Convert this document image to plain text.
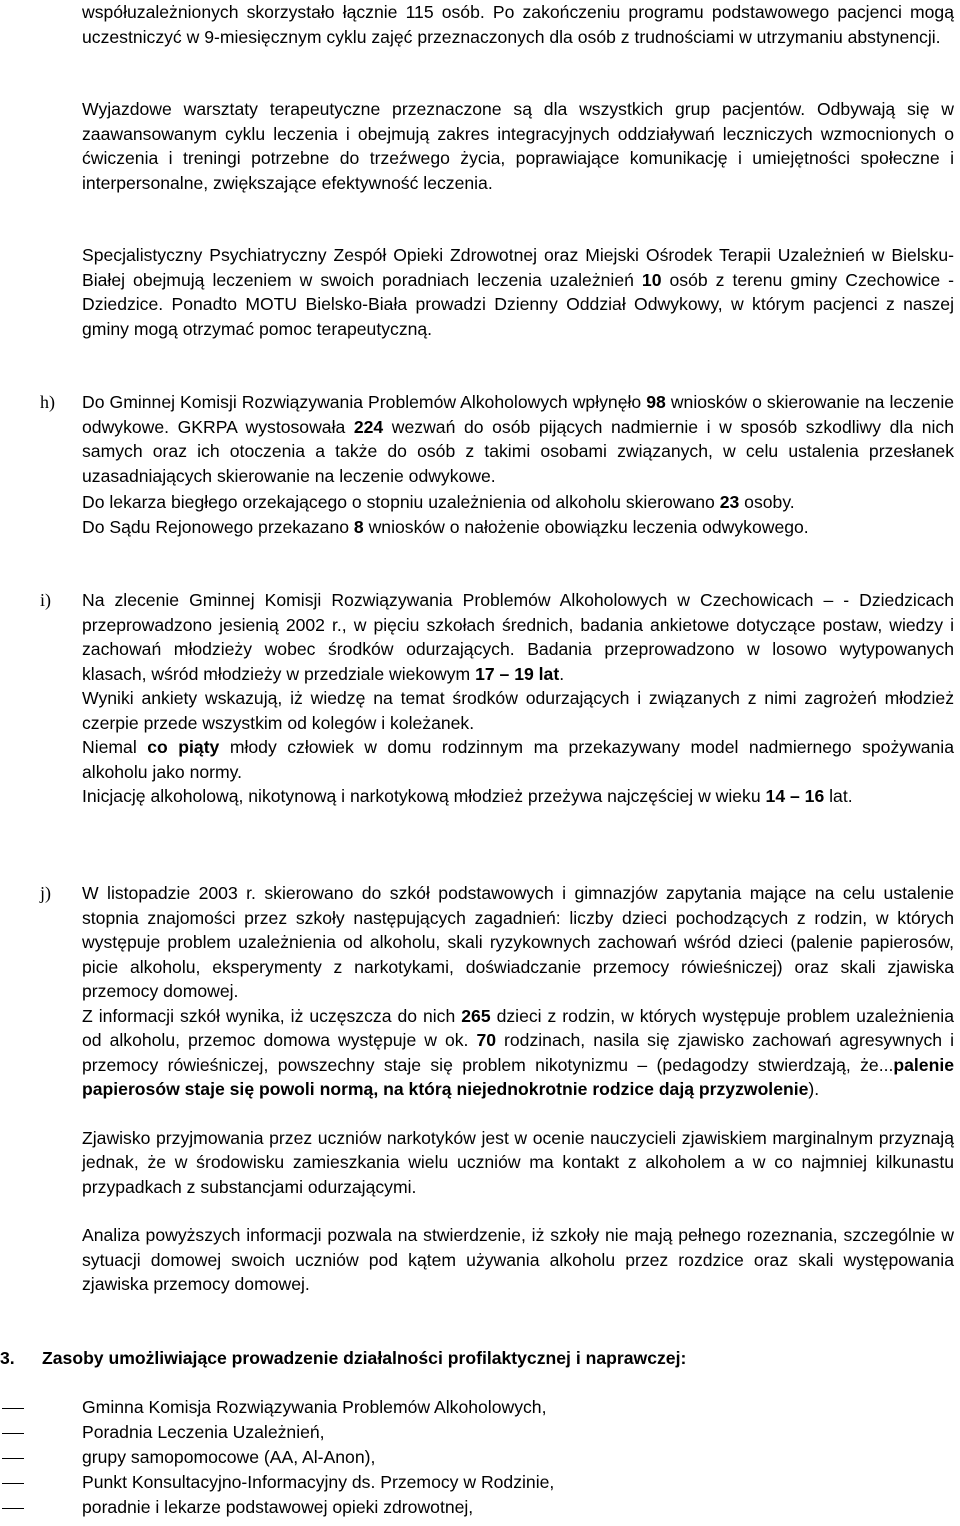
współuzależnionych skorzystało łącznie 115 osób. Po zakończeniu programu podstawowego pacjenci mogą uczestniczyć w 9-miesięcznym cyklu zajęć przeznaczonych dla osób z trudnościami w utrzymaniu abstynencji.

Wyjazdowe warsztaty terapeutyczne przeznaczone są dla wszystkich grup pacjentów. Odbywają się w zaawansowanym cyklu leczenia i obejmują zakres integracyjnych oddziaływań leczniczych wzmocnionych o ćwiczenia i treningi potrzebne do trzeźwego życia, poprawiające komunikację i umiejętności społeczne i interpersonalne, zwiększające efektywność leczenia.

Specjalistyczny Psychiatryczny Zespół Opieki Zdrowotnej oraz Miejski Ośrodek Terapii Uzależnień w Bielsku-Białej obejmują leczeniem w swoich poradniach leczenia uzależnień 10 osób z terenu gminy Czechowice - Dziedzice. Ponadto MOTU Bielsko-Biała prowadzi Dzienny Oddział Odwykowy, w którym pacjenci z naszej gminy mogą otrzymać pomoc terapeutyczną.

h)	Do Gminnej Komisji Rozwiązywania Problemów Alkoholowych wpłynęło 98 wniosków o skierowanie na leczenie odwykowe. GKRPA wystosowała 224 wezwań do osób pijących nadmiernie i w sposób szkodliwy dla nich samych oraz ich otoczenia a także do osób z takimi osobami związanych, w celu ustalenia przesłanek uzasadniających skierowanie na leczenie odwykowe.

Do lekarza biegłego orzekającego o stopniu uzależnienia od alkoholu skierowano 23 osoby.

Do Sądu Rejonowego przekazano 8 wniosków o nałożenie obowiązku leczenia odwykowego.

i)	Na zlecenie Gminnej Komisji Rozwiązywania Problemów Alkoholowych w Czechowicach – - Dziedzicach przeprowadzono jesienią 2002 r., w pięciu szkołach średnich, badania ankietowe dotyczące postaw, wiedzy i zachowań młodzieży wobec środków odurzających. Badania przeprowadzono w losowo wytypowanych klasach, wśród młodzieży w przedziale wiekowym 17 – 19 lat.

Wyniki ankiety wskazują, iż wiedzę na temat środków odurzających i związanych z nimi zagrożeń młodzież czerpie przede wszystkim od kolegów i koleżanek.

Niemal co piąty młody człowiek w domu rodzinnym ma przekazywany model nadmiernego spożywania alkoholu jako normy.

Inicjację alkoholową, nikotynową i narkotykową młodzież przeżywa najczęściej w wieku 14 – 16 lat.

j)	W listopadzie 2003 r. skierowano do szkół podstawowych i gimnazjów zapytania mające na celu ustalenie stopnia znajomości przez szkoły następujących zagadnień: liczby dzieci pochodzących z rodzin, w których występuje problem uzależnienia od alkoholu, skali ryzykownych zachowań wśród dzieci (palenie papierosów, picie alkoholu, eksperymenty z narkotykami, doświadczanie przemocy rówieśniczej) oraz skali zjawiska przemocy domowej.

Z informacji szkół wynika, iż uczęszcza do nich 265 dzieci z rodzin, w których występuje problem uzależnienia od alkoholu, przemoc domowa występuje w ok. 70 rodzinach, nasila się zjawisko zachowań agresywnych i przemocy rówieśniczej, powszechny staje się problem nikotynizmu – (pedagodzy stwierdzają, że...palenie papierosów staje się powoli normą, na którą niejednokrotnie rodzice dają przyzwolenie).

Zjawisko przyjmowania przez uczniów narkotyków jest w ocenie nauczycieli zjawiskiem marginalnym przyznają jednak, że w środowisku zamieszkania wielu uczniów ma kontakt z alkoholem a w co najmniej kilkunastu przypadkach z substancjami odurzającymi.

Analiza powyższych informacji pozwala na stwierdzenie, iż szkoły nie mają pełnego rozeznania, szczególnie w sytuacji domowej swoich uczniów pod kątem używania alkoholu przez rozdzice oraz skali występowania zjawiska przemocy domowej.

3. Zasoby umożliwiające prowadzenie działalności profilaktycznej i naprawczej:
Gminna Komisja Rozwiązywania Problemów Alkoholowych,
Poradnia Leczenia Uzależnień,
grupy samopomocowe (AA, Al-Anon),
Punkt Konsultacyjno-Informacyjny ds. Przemocy w Rodzinie,
poradnie i lekarze podstawowej opieki zdrowotnej,
